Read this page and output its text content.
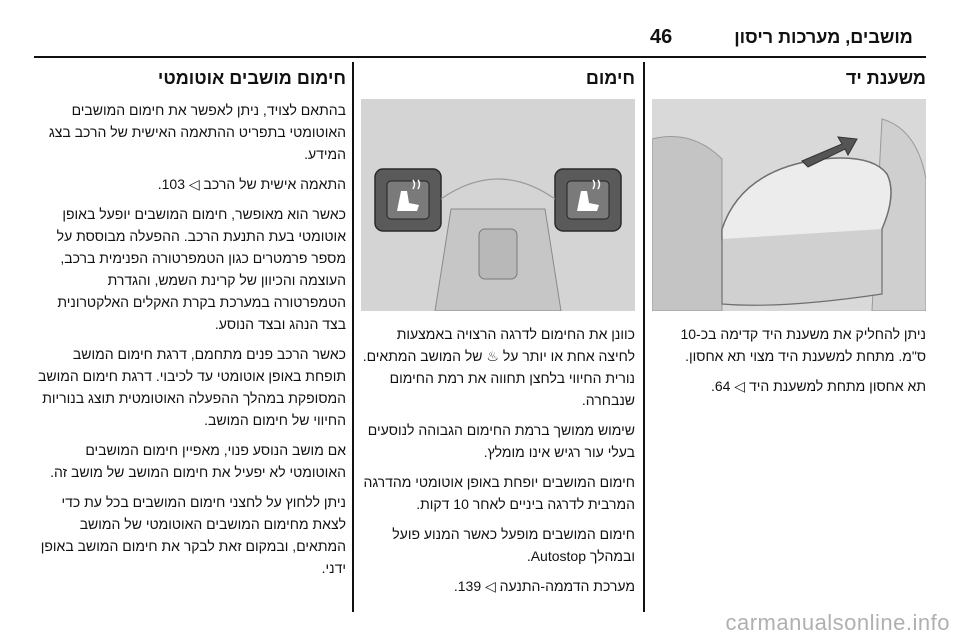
46	מושבים, מערכות ריסון
משענת יד

ניתן להחליק את משענת היד קדימה בכ-10 ס"מ. מתחת למשענת היד מצוי תא אחסון.

תא אחסון מתחת למשענת היד ◁ 64.

חימום

כוונן את החימום לדרגה הרצויה באמצעות לחיצה אחת או יותר על ♨ של המושב המתאים. נורית החיווי בלחצן תחווה את רמת החימום שנבחרה.

שימוש ממושך ברמת החימום הגבוהה לנוסעים בעלי עור רגיש אינו מומלץ.

חימום המושבים יופחת באופן אוטומטי מהדרגה המרבית לדרגה ביניים לאחר 10 דקות.

חימום המושבים מופעל כאשר המנוע פועל ובמהלך Autostop.

מערכת הדממה-התנעה ◁ 139.

חימום מושבים אוטומטי

בהתאם לצויד, ניתן לאפשר את חימום המושבים האוטומטי בתפריט ההתאמה האישית של הרכב בצג המידע.

התאמה אישית של הרכב ◁ 103.

כאשר הוא מאופשר, חימום המושבים יופעל באופן אוטומטי בעת התנעת הרכב. ההפעלה מבוססת על מספר פרמטרים כגון הטמפרטורה הפנימית ברכב, העוצמה והכיוון של קרינת השמש, והגדרת הטמפרטורה במערכת בקרת האקלים האלקטרונית בצד הנהג ובצד הנוסע.

כאשר הרכב פנים מתחמם, דרגת חימום המושב תופחת באופן אוטומטי עד לכיבוי. דרגת חימום המושב המסופקת במהלך ההפעלה האוטומטית תוצג בנוריות החיווי של חימום המושב.

אם מושב הנוסע פנוי, מאפיין חימום המושבים האוטומטי לא יפעיל את חימום המושב של מושב זה.

ניתן ללחוץ על לחצני חימום המושבים בכל עת כדי לצאת מחימום המושבים האוטומטי של המושב המתאים, ובמקום זאת לבקר את חימום המושב באופן ידני.

carmanualsonline.info
